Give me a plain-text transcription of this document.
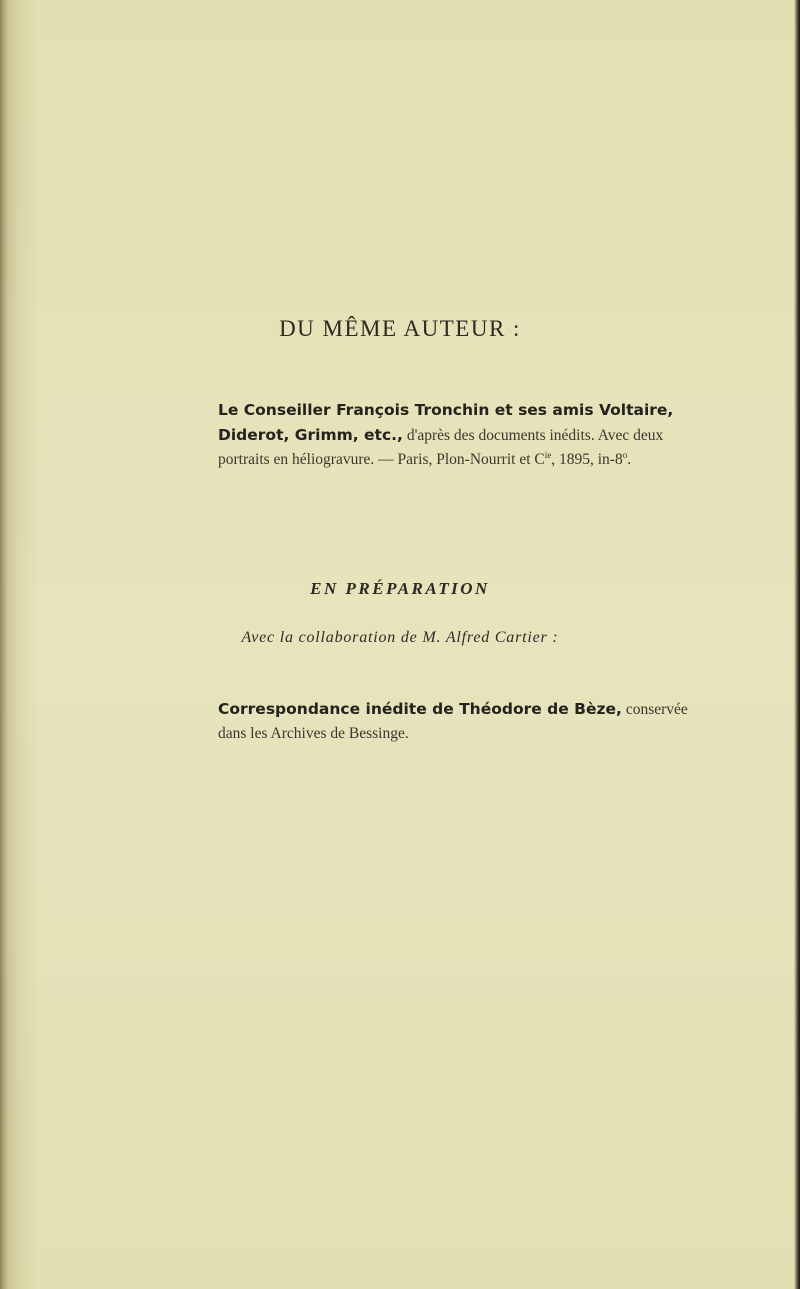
DU MÊME AUTEUR :
Le Conseiller François Tronchin et ses amis Voltaire,
Diderot, Grimm, etc., d'après des documents inédits. Avec deux
portraits en héliogravure. — Paris, Plon-Nourrit et $C^{ie}$, 1895, in-8$^o$.
EN PRÉPARATION
Avec la collaboration de M. Alfred Cartier :
Correspondance inédite de Théodore de Bèze, conservée
dans les Archives de Bessinge.
